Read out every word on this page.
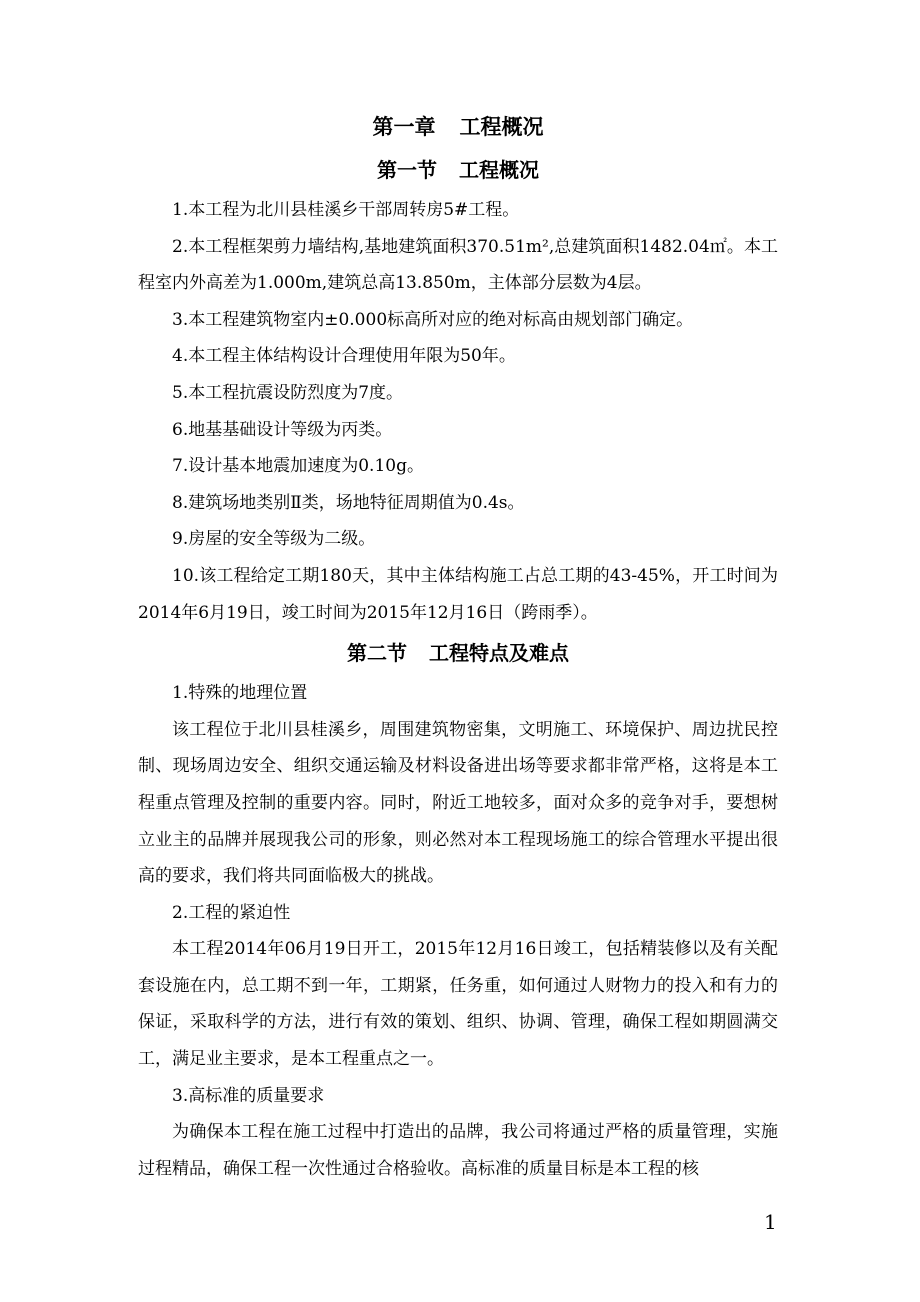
第一章 工程概况
第一节 工程概况

1.本工程为北川县桂溪乡干部周转房5#工程。

2.本工程框架剪力墙结构,基地建筑面积370.51m²,总建筑面积1482.04㎡。本工程室内外高差为1.000m,建筑总高13.850m，主体部分层数为4层。

3.本工程建筑物室内±0.000标高所对应的绝对标高由规划部门确定。

4.本工程主体结构设计合理使用年限为50年。

5.本工程抗震设防烈度为7度。

6.地基基础设计等级为丙类。

7.设计基本地震加速度为0.10g。

8.建筑场地类别Ⅱ类，场地特征周期值为0.4s。

9.房屋的安全等级为二级。

10.该工程给定工期180天，其中主体结构施工占总工期的43-45%，开工时间为2014年6月19日，竣工时间为2015年12月16日（跨雨季）。

第二节 工程特点及难点

1.特殊的地理位置

该工程位于北川县桂溪乡，周围建筑物密集，文明施工、环境保护、周边扰民控制、现场周边安全、组织交通运输及材料设备进出场等要求都非常严格，这将是本工程重点管理及控制的重要内容。同时，附近工地较多，面对众多的竞争对手，要想树立业主的品牌并展现我公司的形象，则必然对本工程现场施工的综合管理水平提出很高的要求，我们将共同面临极大的挑战。

2.工程的紧迫性

本工程2014年06月19日开工，2015年12月16日竣工，包括精装修以及有关配套设施在内，总工期不到一年，工期紧，任务重，如何通过人财物力的投入和有力的保证，采取科学的方法，进行有效的策划、组织、协调、管理，确保工程如期圆满交工，满足业主要求，是本工程重点之一。

3.高标准的质量要求

为确保本工程在施工过程中打造出的品牌，我公司将通过严格的质量管理，实施过程精品，确保工程一次性通过合格验收。高标准的质量目标是本工程的核

1
